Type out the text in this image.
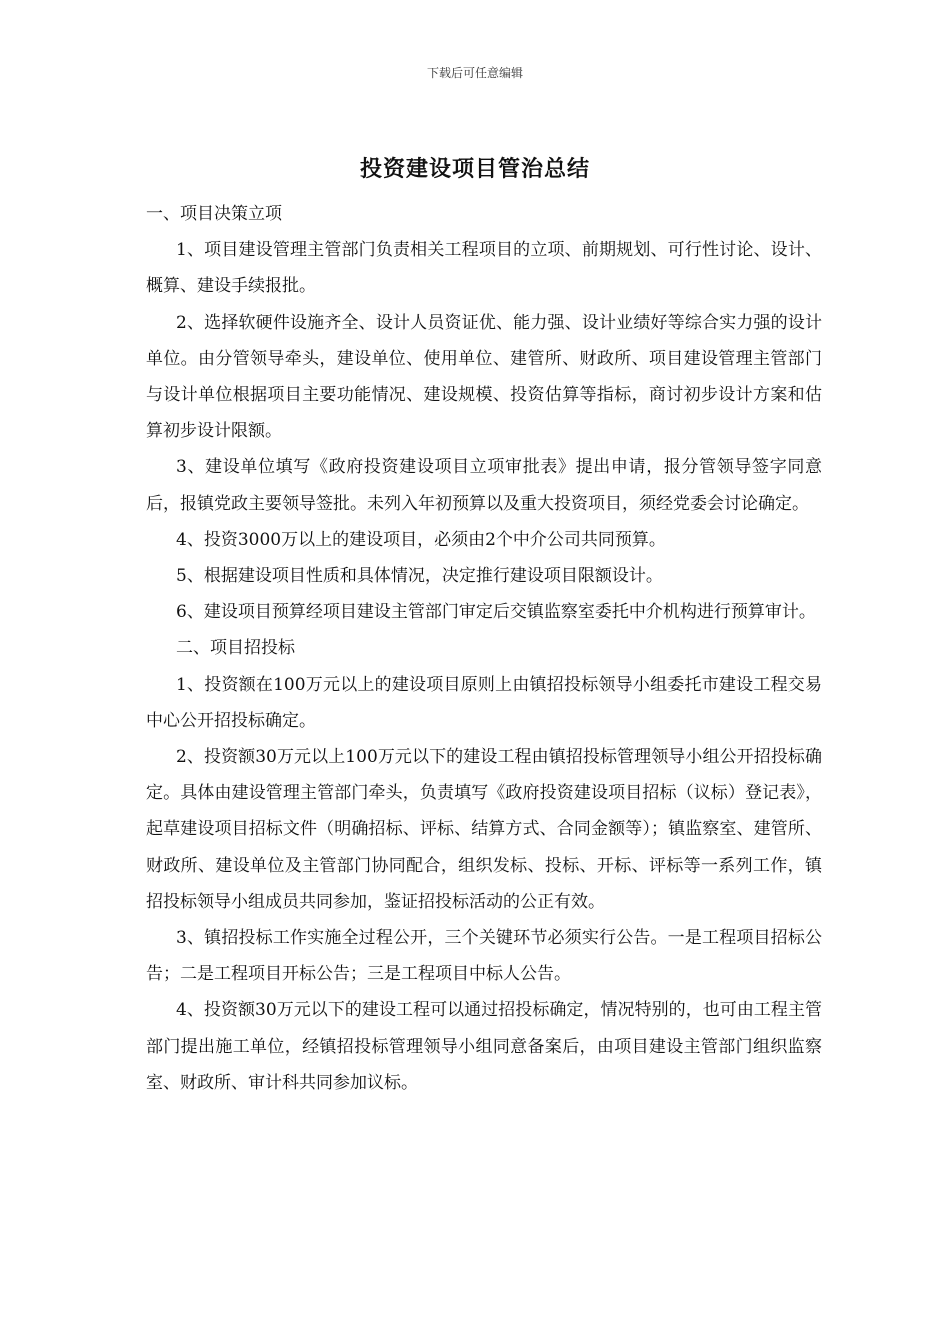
下载后可任意编辑
投资建设项目管治总结

一、项目决策立项

1、项目建设管理主管部门负责相关工程项目的立项、前期规划、可行性讨论、设计、概算、建设手续报批。

2、选择软硬件设施齐全、设计人员资证优、能力强、设计业绩好等综合实力强的设计单位。由分管领导牵头，建设单位、使用单位、建管所、财政所、项目建设管理主管部门与设计单位根据项目主要功能情况、建设规模、投资估算等指标，商讨初步设计方案和估算初步设计限额。

3、建设单位填写《政府投资建设项目立项审批表》提出申请，报分管领导签字同意后，报镇党政主要领导签批。未列入年初预算以及重大投资项目，须经党委会讨论确定。

4、投资3000万以上的建设项目，必须由2个中介公司共同预算。

5、根据建设项目性质和具体情况，决定推行建设项目限额设计。

6、建设项目预算经项目建设主管部门审定后交镇监察室委托中介机构进行预算审计。

二、项目招投标

1、投资额在100万元以上的建设项目原则上由镇招投标领导小组委托市建设工程交易中心公开招投标确定。

2、投资额30万元以上100万元以下的建设工程由镇招投标管理领导小组公开招投标确定。具体由建设管理主管部门牵头，负责填写《政府投资建设项目招标（议标）登记表》，起草建设项目招标文件（明确招标、评标、结算方式、合同金额等）；镇监察室、建管所、财政所、建设单位及主管部门协同配合，组织发标、投标、开标、评标等一系列工作，镇招投标领导小组成员共同参加，鉴证招投标活动的公正有效。

3、镇招投标工作实施全过程公开，三个关键环节必须实行公告。一是工程项目招标公告；二是工程项目开标公告；三是工程项目中标人公告。

4、投资额30万元以下的建设工程可以通过招投标确定，情况特别的，也可由工程主管部门提出施工单位，经镇招投标管理领导小组同意备案后，由项目建设主管部门组织监察室、财政所、审计科共同参加议标。
